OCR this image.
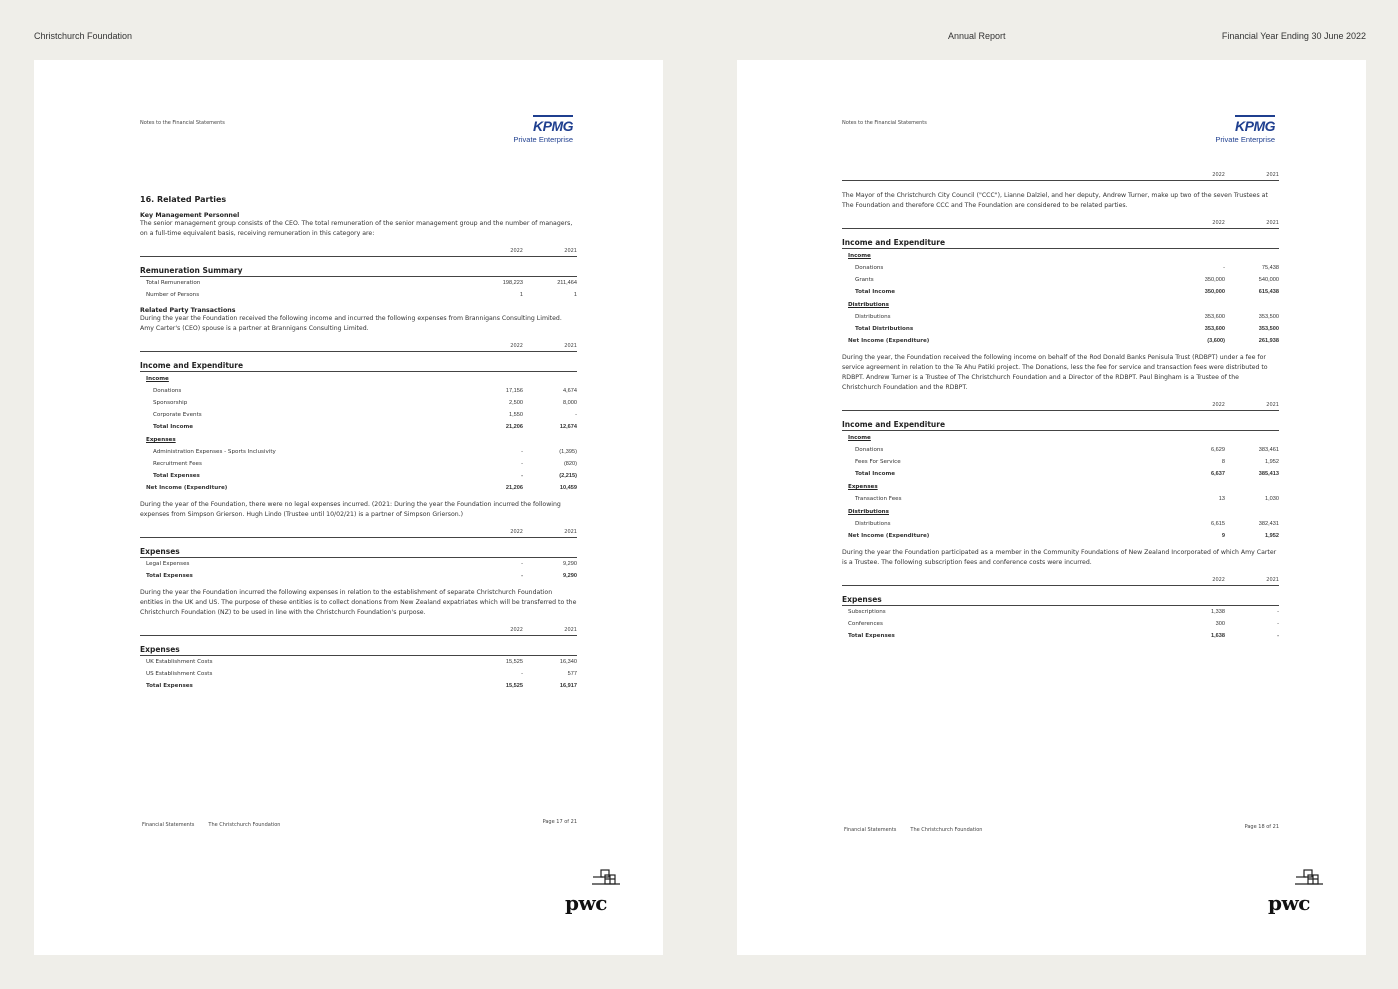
Christchurch Foundation	Annual Report	Financial Year Ending 30 June 2022
Notes to the Financial Statements	KPMG
Private Enterprise
16. Related Parties
Key Management Personnel

The senior management group consists of the CEO. The total remuneration of the senior management group and the number of managers, on a full-time equivalent basis, receiving remuneration in this category are:

2022	2021
Remuneration Summary
Total Remuneration	198,223	211,464
Number of Persons	1	1
Related Party Transactions

During the year the Foundation received the following income and incurred the following expenses from Brannigans Consulting Limited. Amy Carter's (CEO) spouse is a partner at Brannigans Consulting Limited.

2022	2021
Income and Expenditure
Income
Donations	17,156	4,674
Sponsorship	2,500	8,000
Corporate Events	1,550	-
Total Income	21,206	12,674
Expenses
Administration Expenses - Sports Inclusivity	-	(1,395)
Recruitment Fees	-	(820)
Total Expenses	-	(2,215)
Net Income (Expenditure)	21,206	10,459

During the year of the Foundation, there were no legal expenses incurred. (2021: During the year the Foundation incurred the following expenses from Simpson Grierson. Hugh Lindo (Trustee until 10/02/21) is a partner of Simpson Grierson.)

2022	2021
Expenses
Legal Expenses	-	9,290
Total Expenses	-	9,290

During the year the Foundation incurred the following expenses in relation to the establishment of separate Christchurch Foundation entities in the UK and US. The purpose of these entities is to collect donations from New Zealand expatriates which will be transferred to the Christchurch Foundation (NZ) to be used in line with the Christchurch Foundation's purpose.

2022	2021
Expenses
UK Establishment Costs	15,525	16,340
US Establishment Costs	-	577
Total Expenses	15,525	16,917
Financial Statements	The Christchurch Foundation	Page 17 of 21
pwc
Notes to the Financial Statements	KPMG
Private Enterprise
2022	2021

The Mayor of the Christchurch City Council ("CCC"), Lianne Dalziel, and her deputy, Andrew Turner, make up two of the seven Trustees at The Foundation and therefore CCC and The Foundation are considered to be related parties.

2022	2021
Income and Expenditure
Income
Donations	-	75,438
Grants	350,000	540,000
Total Income	350,000	615,438
Distributions
Distributions	353,600	353,500
Total Distributions	353,600	353,500
Net Income (Expenditure)	(3,600)	261,938

During the year, the Foundation received the following income on behalf of the Rod Donald Banks Penisula Trust (RDBPT) under a fee for service agreement in relation to the Te Ahu Patiki project. The Donations, less the fee for service and transaction fees were distributed to RDBPT. Andrew Turner is a Trustee of The Christchurch Foundation and a Director of the RDBPT. Paul Bingham is a Trustee of the Christchurch Foundation and the RDBPT.

2022	2021
Income and Expenditure
Income
Donations	6,629	383,461
Fees For Service	8	1,952
Total Income	6,637	385,413
Expenses
Transaction Fees	13	1,030
Distributions
Distributions	6,615	382,431
Net Income (Expenditure)	9	1,952

During the year the Foundation participated as a member in the Community Foundations of New Zealand Incorporated of which Amy Carter is a Trustee. The following subscription fees and conference costs were incurred.

2022	2021
Expenses
Subscriptions	1,338	-
Conferences	300	-
Total Expenses	1,638	-
Financial Statements	The Christchurch Foundation	Page 18 of 21
pwc
